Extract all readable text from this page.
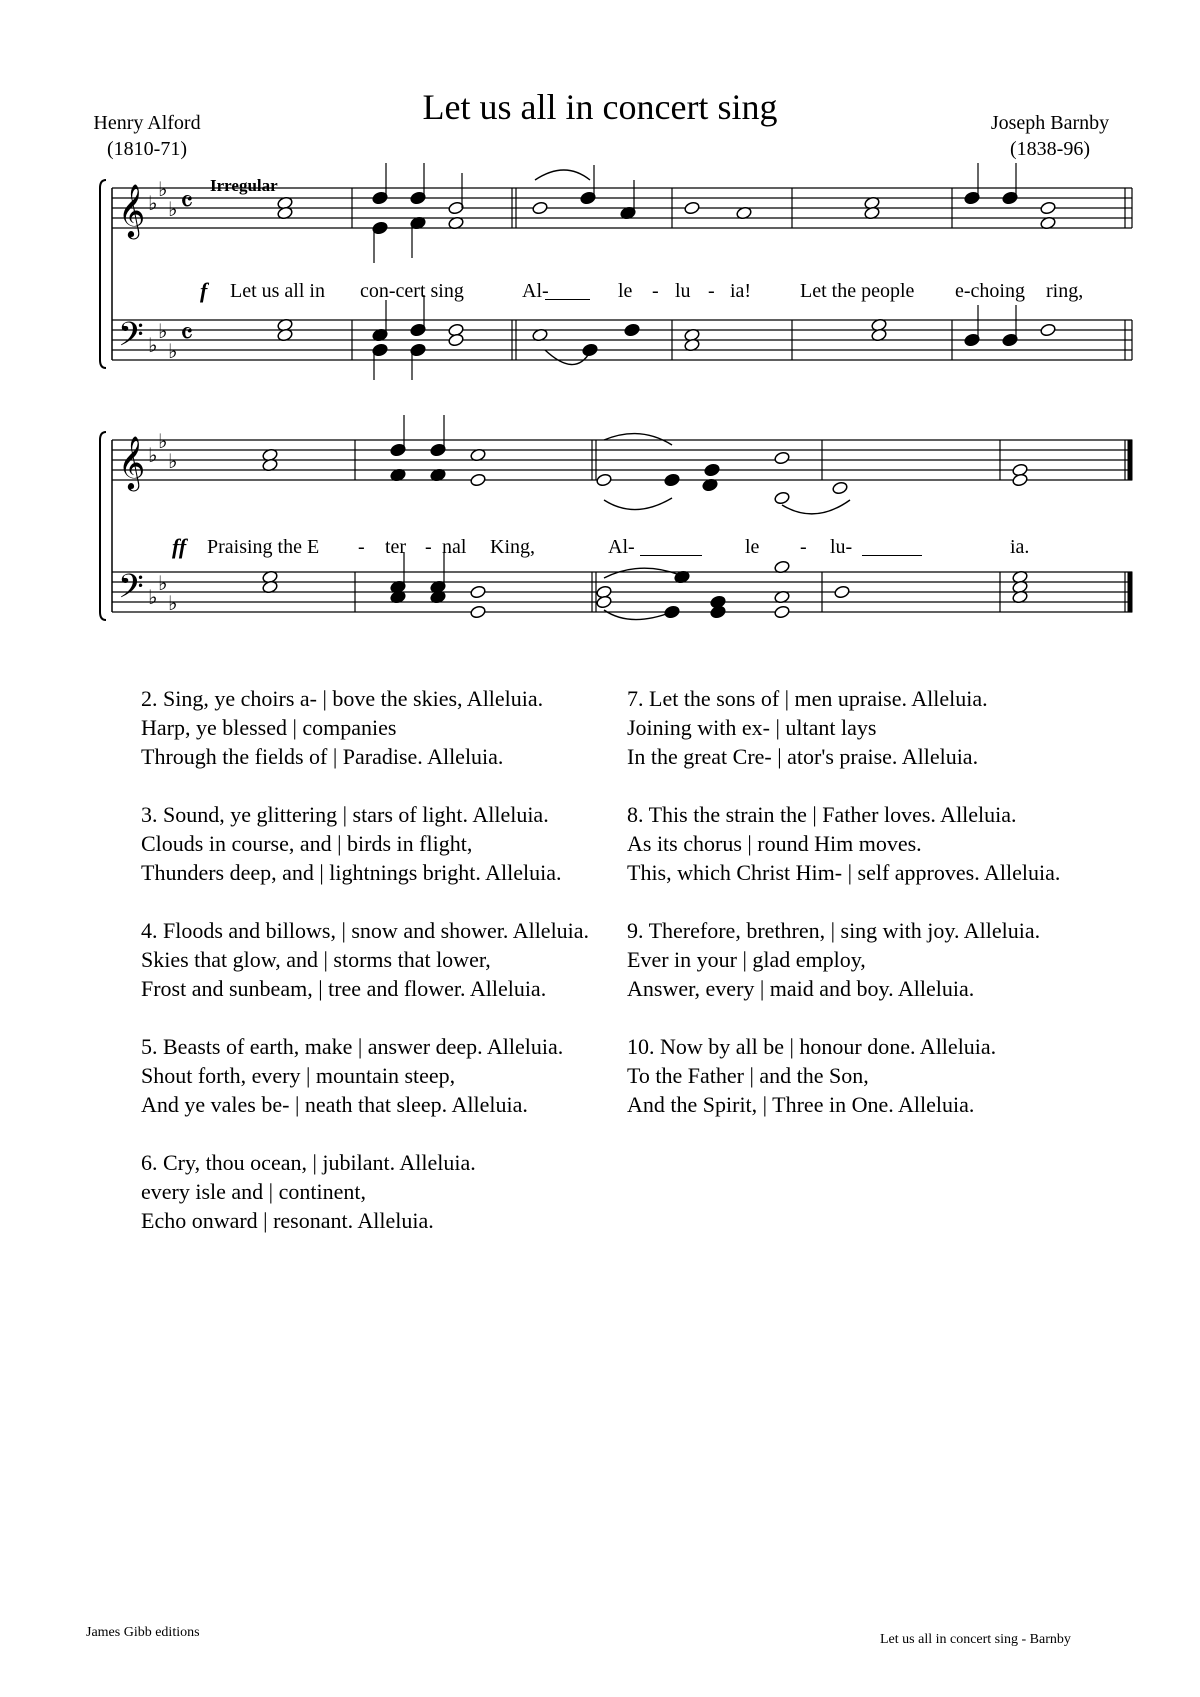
Let us all in concert sing
Henry Alford
(1810-71)
Joseph Barnby
(1838-96)
𝄞
𝄢
♭
♭
♭
♭
♭
♭
𝄞
𝄢
♭
♭
♭
♭
♭
♭
𝄴
𝄴
Irregular
f Let us all in con-cert sing	Al-	le - lu - ia! Let the people e-choing ring,
ff Praising the E - ter - nal King,	Al-	le - lu-	ia.
2. Sing, ye choirs a- | bove the skies, Alleluia.
Harp, ye blessed | companies
Through the fields of | Paradise. Alleluia.
3. Sound, ye glittering | stars of light. Alleluia.
Clouds in course, and | birds in flight,
Thunders deep, and | lightnings bright. Alleluia.
4. Floods and billows, | snow and shower. Alleluia.
Skies that glow, and | storms that lower,
Frost and sunbeam, | tree and flower. Alleluia.
5. Beasts of earth, make | answer deep. Alleluia.
Shout forth, every | mountain steep,
And ye vales be- | neath that sleep. Alleluia.
6. Cry, thou ocean, | jubilant. Alleluia.
every isle and | continent,
Echo onward | resonant. Alleluia.
7. Let the sons of | men upraise. Alleluia.
Joining with ex- | ultant lays
In the great Cre- | ator's praise. Alleluia.
8. This the strain the | Father loves. Alleluia.
As its chorus | round Him moves.
This, which Christ Him- | self approves. Alleluia.
9. Therefore, brethren, | sing with joy. Alleluia.
Ever in your | glad employ,
Answer, every | maid and boy. Alleluia.
10. Now by all be | honour done. Alleluia.
To the Father | and the Son,
And the Spirit, | Three in One. Alleluia.
James Gibb editions	Let us all in concert sing - Barnby
